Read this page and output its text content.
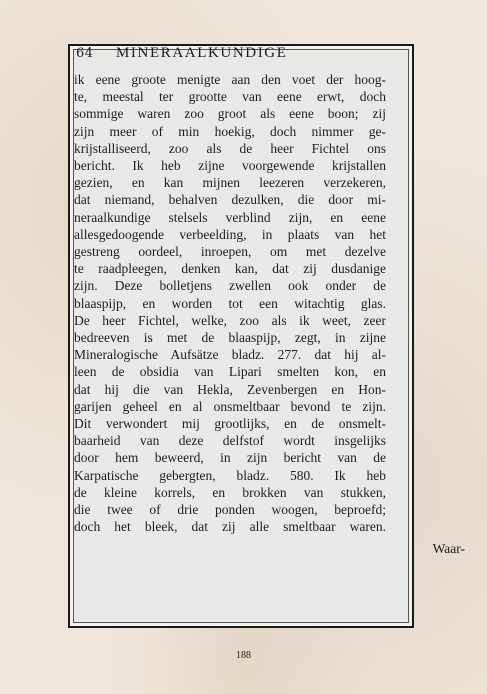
64 MINERAALKUNDIGE
ik eene groote menigte aan den voet der hoog-
te, meestal ter grootte van eene erwt, doch
sommige waren zoo groot als eene boon; zij
zijn meer of min hoekig, doch nimmer ge-
krijstalliseerd, zoo als de heer Fichtel ons
bericht. Ik heb zijne voorgewende krijstallen
gezien, en kan mijnen leezeren verzekeren,
dat niemand, behalven dezulken, die door mi-
neraalkundige stelsels verblind zijn, en eene
allesgedoogende verbeelding, in plaats van het
gestreng oordeel, inroepen, om met dezelve
te raadpleegen, denken kan, dat zij dusdanige
zijn. Deze bolletjens zwellen ook onder de
blaaspijp, en worden tot een witachtig glas.
De heer Fichtel, welke, zoo als ik weet, zeer
bedreeven is met de blaaspijp, zegt, in zijne
Mineralogische Aufsätze bladz. 277. dat hij al-
leen de obsidia van Lipari smelten kon, en
dat hij die van Hekla, Zevenbergen en Hon-
garijen geheel en al onsmeltbaar bevond te zijn.
Dit verwondert mij grootlijks, en de onsmelt-
baarheid van deze delfstof wordt insgelijks
door hem beweerd, in zijn bericht van de
Karpatische gebergten, bladz. 580. Ik heb
de kleine korrels, en brokken van stukken,
die twee of drie ponden woogen, beproefd;
doch het bleek, dat zij alle smeltbaar waren.
Waar-
188
